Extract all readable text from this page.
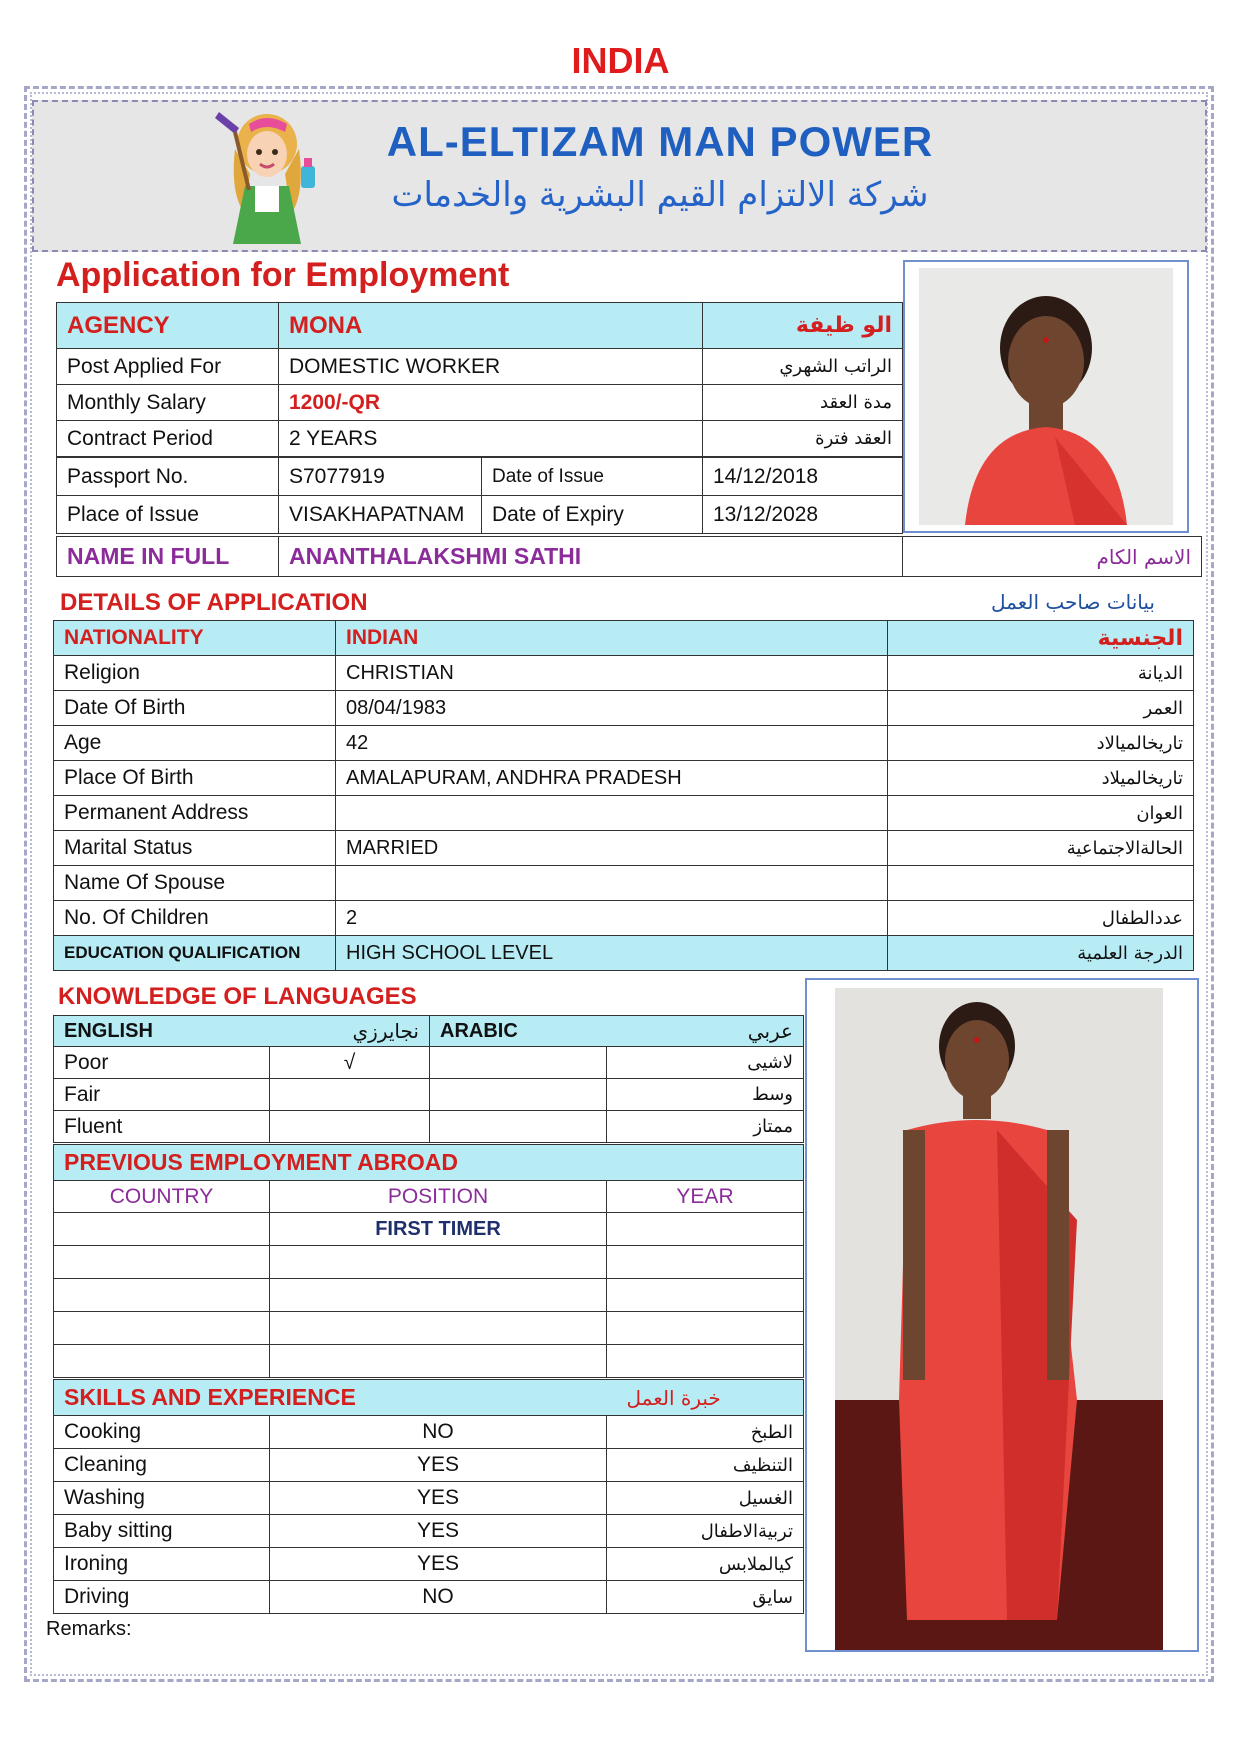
INDIA
AL-ELTIZAM MAN POWER
شركة الالتزام القيم البشرية والخدمات
Application for Employment
AGENCY	MONA	الو ظيفة
Post Applied For	DOMESTIC WORKER	الراتب الشهري
Monthly Salary	1200/-QR	مدة العقد
Contract Period	2 YEARS	العقد فترة
Passport No.	S7077919	Date of Issue	14/12/2018
Place of Issue	VISAKHAPATNAM	Date of Expiry	13/12/2028
NAME IN FULL	ANANTHALAKSHMI SATHI	الاسم الكام
DETAILS OF APPLICATION	بيانات صاحب العمل
NATIONALITY	INDIAN	الجنسية
Religion	CHRISTIAN	الديانة
Date Of Birth	08/04/1983	العمر
Age	42	تاريخالميالاد
Place Of Birth	AMALAPURAM, ANDHRA PRADESH	تاريخالميلاد
Permanent Address		العوان
Marital Status	MARRIED	الحالةالاجتماعية
Name Of Spouse		
No. Of Children	2	عددالطفال
EDUCATION QUALIFICATION	HIGH SCHOOL LEVEL	الدرجة العلمية
KNOWLEDGE OF LANGUAGES
ENGLISH	نجايرزي	ARABIC	عربي
Poor	√		لاشيى
Fair			وسط
Fluent			ممتاز
PREVIOUS EMPLOYMENT ABROAD		
COUNTRY	POSITION	YEAR
	FIRST TIMER	

SKILLS AND EXPERIENCE		خبرة العمل
Cooking	NO	الطبخ
Cleaning	YES	التنظيف
Washing	YES	الغسيل
Baby sitting	YES	تربيةالاطفال
Ironing	YES	كيالملابس
Driving	NO	سايق
Remarks:
